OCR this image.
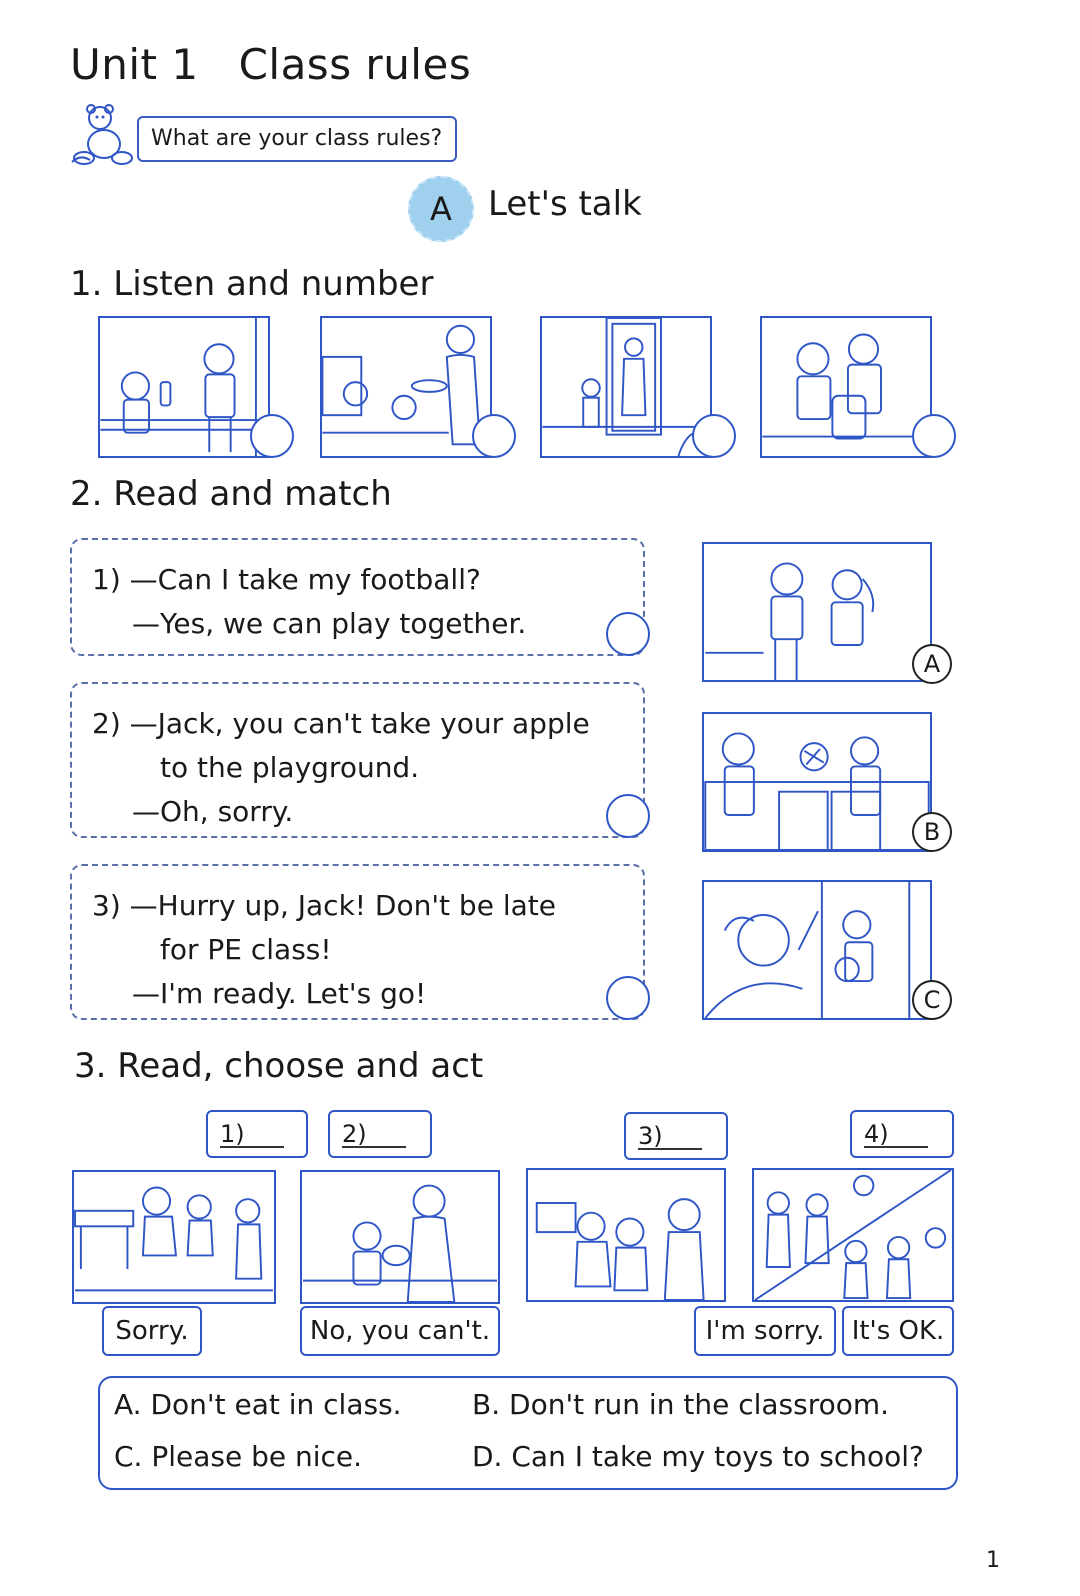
Unit 1 Class rules
What are your class rules?
A	Let's talk
1. Listen and number
2. Read and match
1) —Can I take my football?
—Yes, we can play together.
2) —Jack, you can't take your apple
to the playground.
—Oh, sorry.
3) —Hurry up, Jack! Don't be late
for PE class!
—I'm ready. Let's go!
A
B
C
3. Read, choose and act
1)	2)	3)	4)
Sorry.	No, you can't.	I'm sorry.	It's OK.
A. Don't eat in class.	B. Don't run in the classroom.
C. Please be nice.	D. Can I take my toys to school?
1
